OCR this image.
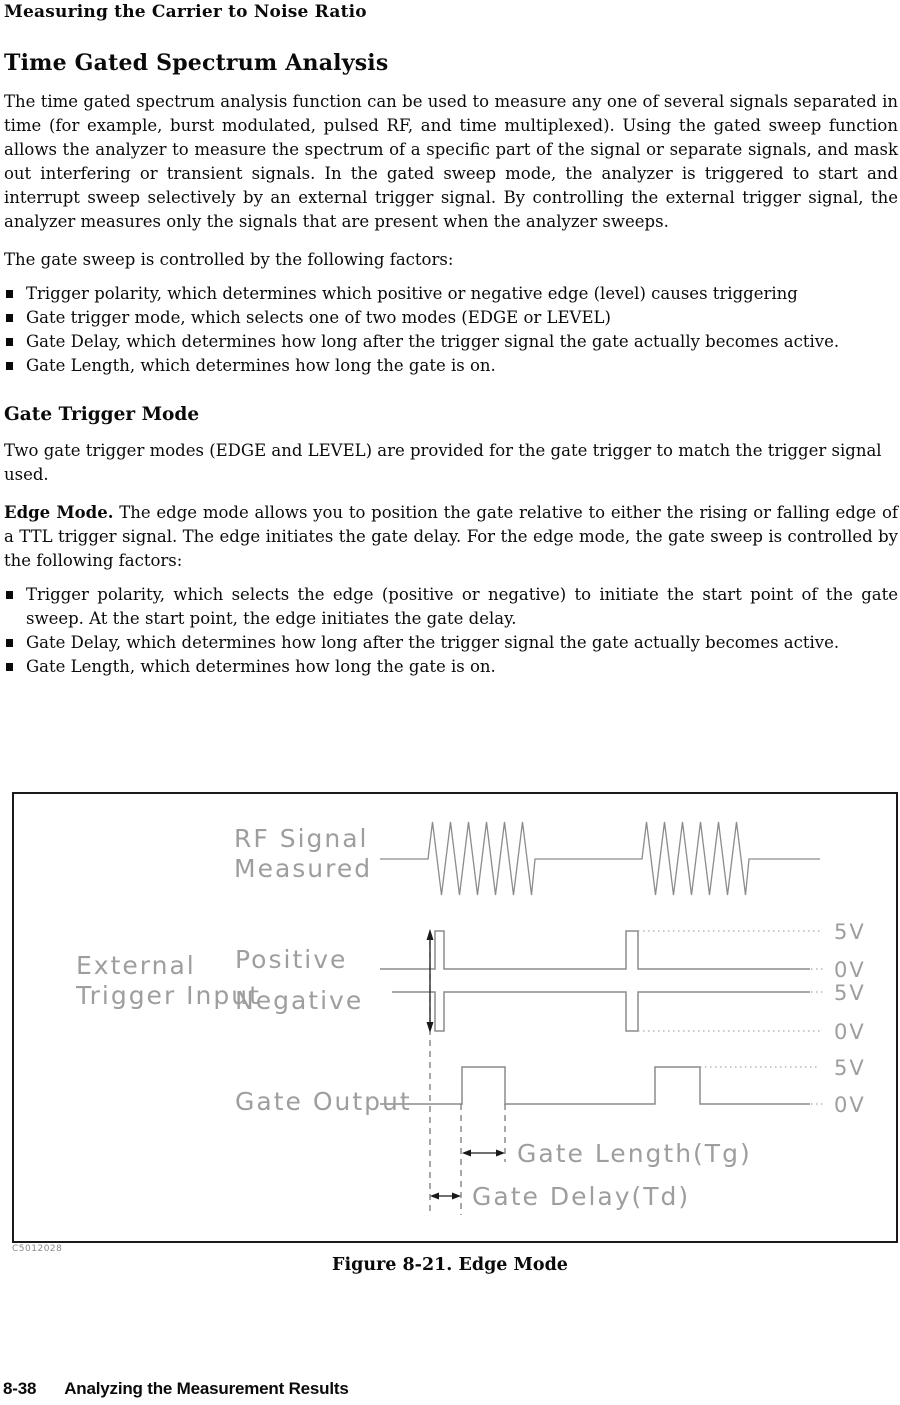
Measuring the Carrier to Noise Ratio
Time Gated Spectrum Analysis

The time gated spectrum analysis function can be used to measure any one of several signals separated in time (for example, burst modulated, pulsed RF, and time multiplexed). Using the gated sweep function allows the analyzer to measure the spectrum of a specific part of the signal or separate signals, and mask out interfering or transient signals. In the gated sweep mode, the analyzer is triggered to start and interrupt sweep selectively by an external trigger signal. By controlling the external trigger signal, the analyzer measures only the signals that are present when the analyzer sweeps.

The gate sweep is controlled by the following factors:

Trigger polarity, which determines which positive or negative edge (level) causes triggering
Gate trigger mode, which selects one of two modes (EDGE or LEVEL)
Gate Delay, which determines how long after the trigger signal the gate actually becomes active.
Gate Length, which determines how long the gate is on.
Gate Trigger Mode

Two gate trigger modes (EDGE and LEVEL) are provided for the gate trigger to match the trigger signal used.

Edge Mode. The edge mode allows you to position the gate relative to either the rising or falling edge of a TTL trigger signal. The edge initiates the gate delay. For the edge mode, the gate sweep is controlled by the following factors:

Trigger polarity, which selects the edge (positive or negative) to initiate the start point of the gate sweep. At the start point, the edge initiates the gate delay.
Gate Delay, which determines how long after the trigger signal the gate actually becomes active.
Gate Length, which determines how long the gate is on.
RF Signal
Measured
External
Trigger Input
Positive
Negative
Gate Output
Gate Length(Tg)
Gate Delay(Td)
5V
0V
5V
0V
5V
0V
C5012028
Figure 8-21. Edge Mode
8-38 Analyzing the Measurement Results
